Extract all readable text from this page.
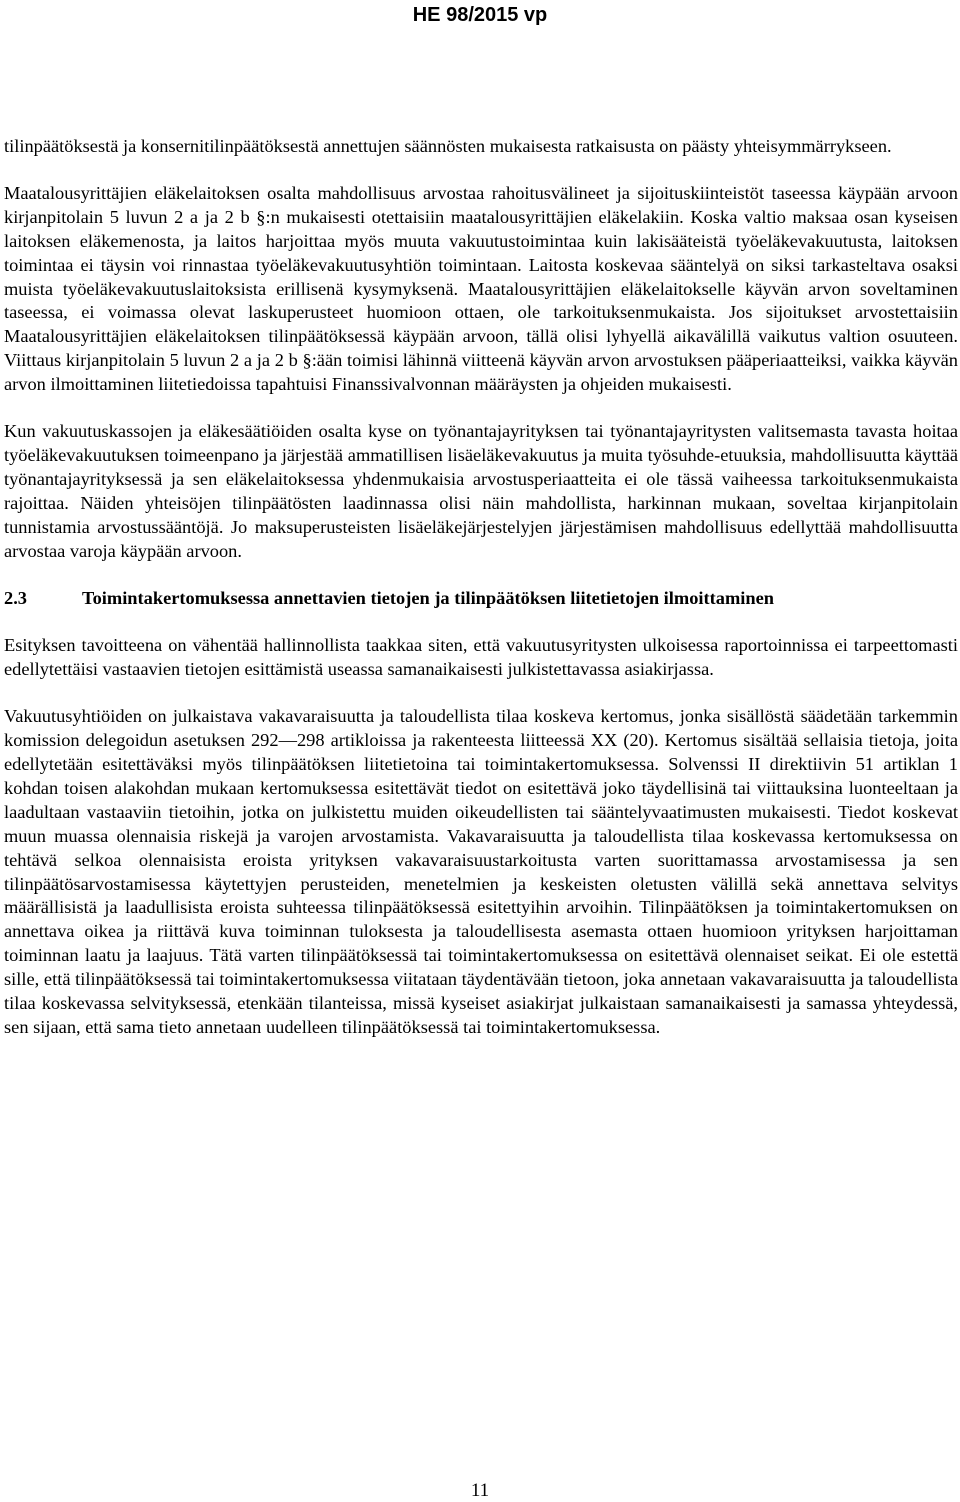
HE 98/2015 vp

tilinpäätöksestä ja konsernitilinpäätöksestä annettujen säännösten mukaisesta ratkaisusta on päästy yhteisymmärrykseen.

Maatalousyrittäjien eläkelaitoksen osalta mahdollisuus arvostaa rahoitusvälineet ja sijoituskiinteistöt taseessa käypään arvoon kirjanpitolain 5 luvun 2 a ja 2 b §:n mukaisesti otettaisiin maatalousyrittäjien eläkelakiin. Koska valtio maksaa osan kyseisen laitoksen eläkemenosta, ja laitos harjoittaa myös muuta vakuutustoimintaa kuin lakisääteistä työeläkevakuutusta, laitoksen toimintaa ei täysin voi rinnastaa työeläkevakuutusyhtiön toimintaan. Laitosta koskevaa sääntelyä on siksi tarkasteltava osaksi muista työeläkevakuutuslaitoksista erillisenä kysymyksenä. Maatalousyrittäjien eläkelaitokselle käyvän arvon soveltaminen taseessa, ei voimassa olevat laskuperusteet huomioon ottaen, ole tarkoituksenmukaista. Jos sijoitukset arvostettaisiin Maatalousyrittäjien eläkelaitoksen tilinpäätöksessä käypään arvoon, tällä olisi lyhyellä aikavälillä vaikutus valtion osuuteen. Viittaus kirjanpitolain 5 luvun 2 a ja 2 b §:ään toimisi lähinnä viitteenä käyvän arvon arvostuksen pääperiaatteiksi, vaikka käyvän arvon ilmoittaminen liitetiedoissa tapahtuisi Finanssivalvonnan määräysten ja ohjeiden mukaisesti.

Kun vakuutuskassojen ja eläkesäätiöiden osalta kyse on työnantajayrityksen tai työnantajayritysten valitsemasta tavasta hoitaa työeläkevakuutuksen toimeenpano ja järjestää ammatillisen lisäeläkevakuutus ja muita työsuhde-etuuksia, mahdollisuutta käyttää työnantajayrityksessä ja sen eläkelaitoksessa yhdenmukaisia arvostusperiaatteita ei ole tässä vaiheessa tarkoituksenmukaista rajoittaa. Näiden yhteisöjen tilinpäätösten laadinnassa olisi näin mahdollista, harkinnan mukaan, soveltaa kirjanpitolain tunnistamia arvostussääntöjä. Jo maksuperusteisten lisäeläkejärjestelyjen järjestämisen mahdollisuus edellyttää mahdollisuutta arvostaa varoja käypään arvoon.

2.3	Toimintakertomuksessa annettavien tietojen ja tilinpäätöksen liitetietojen ilmoittaminen

Esityksen tavoitteena on vähentää hallinnollista taakkaa siten, että vakuutusyritysten ulkoisessa raportoinnissa ei tarpeettomasti edellytettäisi vastaavien tietojen esittämistä useassa samanaikaisesti julkistettavassa asiakirjassa.

Vakuutusyhtiöiden on julkaistava vakavaraisuutta ja taloudellista tilaa koskeva kertomus, jonka sisällöstä säädetään tarkemmin komission delegoidun asetuksen 292—298 artikloissa ja rakenteesta liitteessä XX (20). Kertomus sisältää sellaisia tietoja, joita edellytetään esitettäväksi myös tilinpäätöksen liitetietoina tai toimintakertomuksessa. Solvenssi II direktiivin 51 artiklan 1 kohdan toisen alakohdan mukaan kertomuksessa esitettävät tiedot on esitettävä joko täydellisinä tai viittauksina luonteeltaan ja laadultaan vastaaviin tietoihin, jotka on julkistettu muiden oikeudellisten tai sääntelyvaatimusten mukaisesti. Tiedot koskevat muun muassa olennaisia riskejä ja varojen arvostamista. Vakavaraisuutta ja taloudellista tilaa koskevassa kertomuksessa on tehtävä selkoa olennaisista eroista yrityksen vakavaraisuustarkoitusta varten suorittamassa arvostamisessa ja sen tilinpäätösarvostamisessa käytettyjen perusteiden, menetelmien ja keskeisten oletusten välillä sekä annettava selvitys määrällisistä ja laadullisista eroista suhteessa tilinpäätöksessä esitettyihin arvoihin. Tilinpäätöksen ja toimintakertomuksen on annettava oikea ja riittävä kuva toiminnan tuloksesta ja taloudellisesta asemasta ottaen huomioon yrityksen harjoittaman toiminnan laatu ja laajuus. Tätä varten tilinpäätöksessä tai toimintakertomuksessa on esitettävä olennaiset seikat. Ei ole estettä sille, että tilinpäätöksessä tai toimintakertomuksessa viitataan täydentävään tietoon, joka annetaan vakavaraisuutta ja taloudellista tilaa koskevassa selvityksessä, etenkään tilanteissa, missä kyseiset asiakirjat julkaistaan samanaikaisesti ja samassa yhteydessä, sen sijaan, että sama tieto annetaan uudelleen tilinpäätöksessä tai toimintakertomuksessa.

11
